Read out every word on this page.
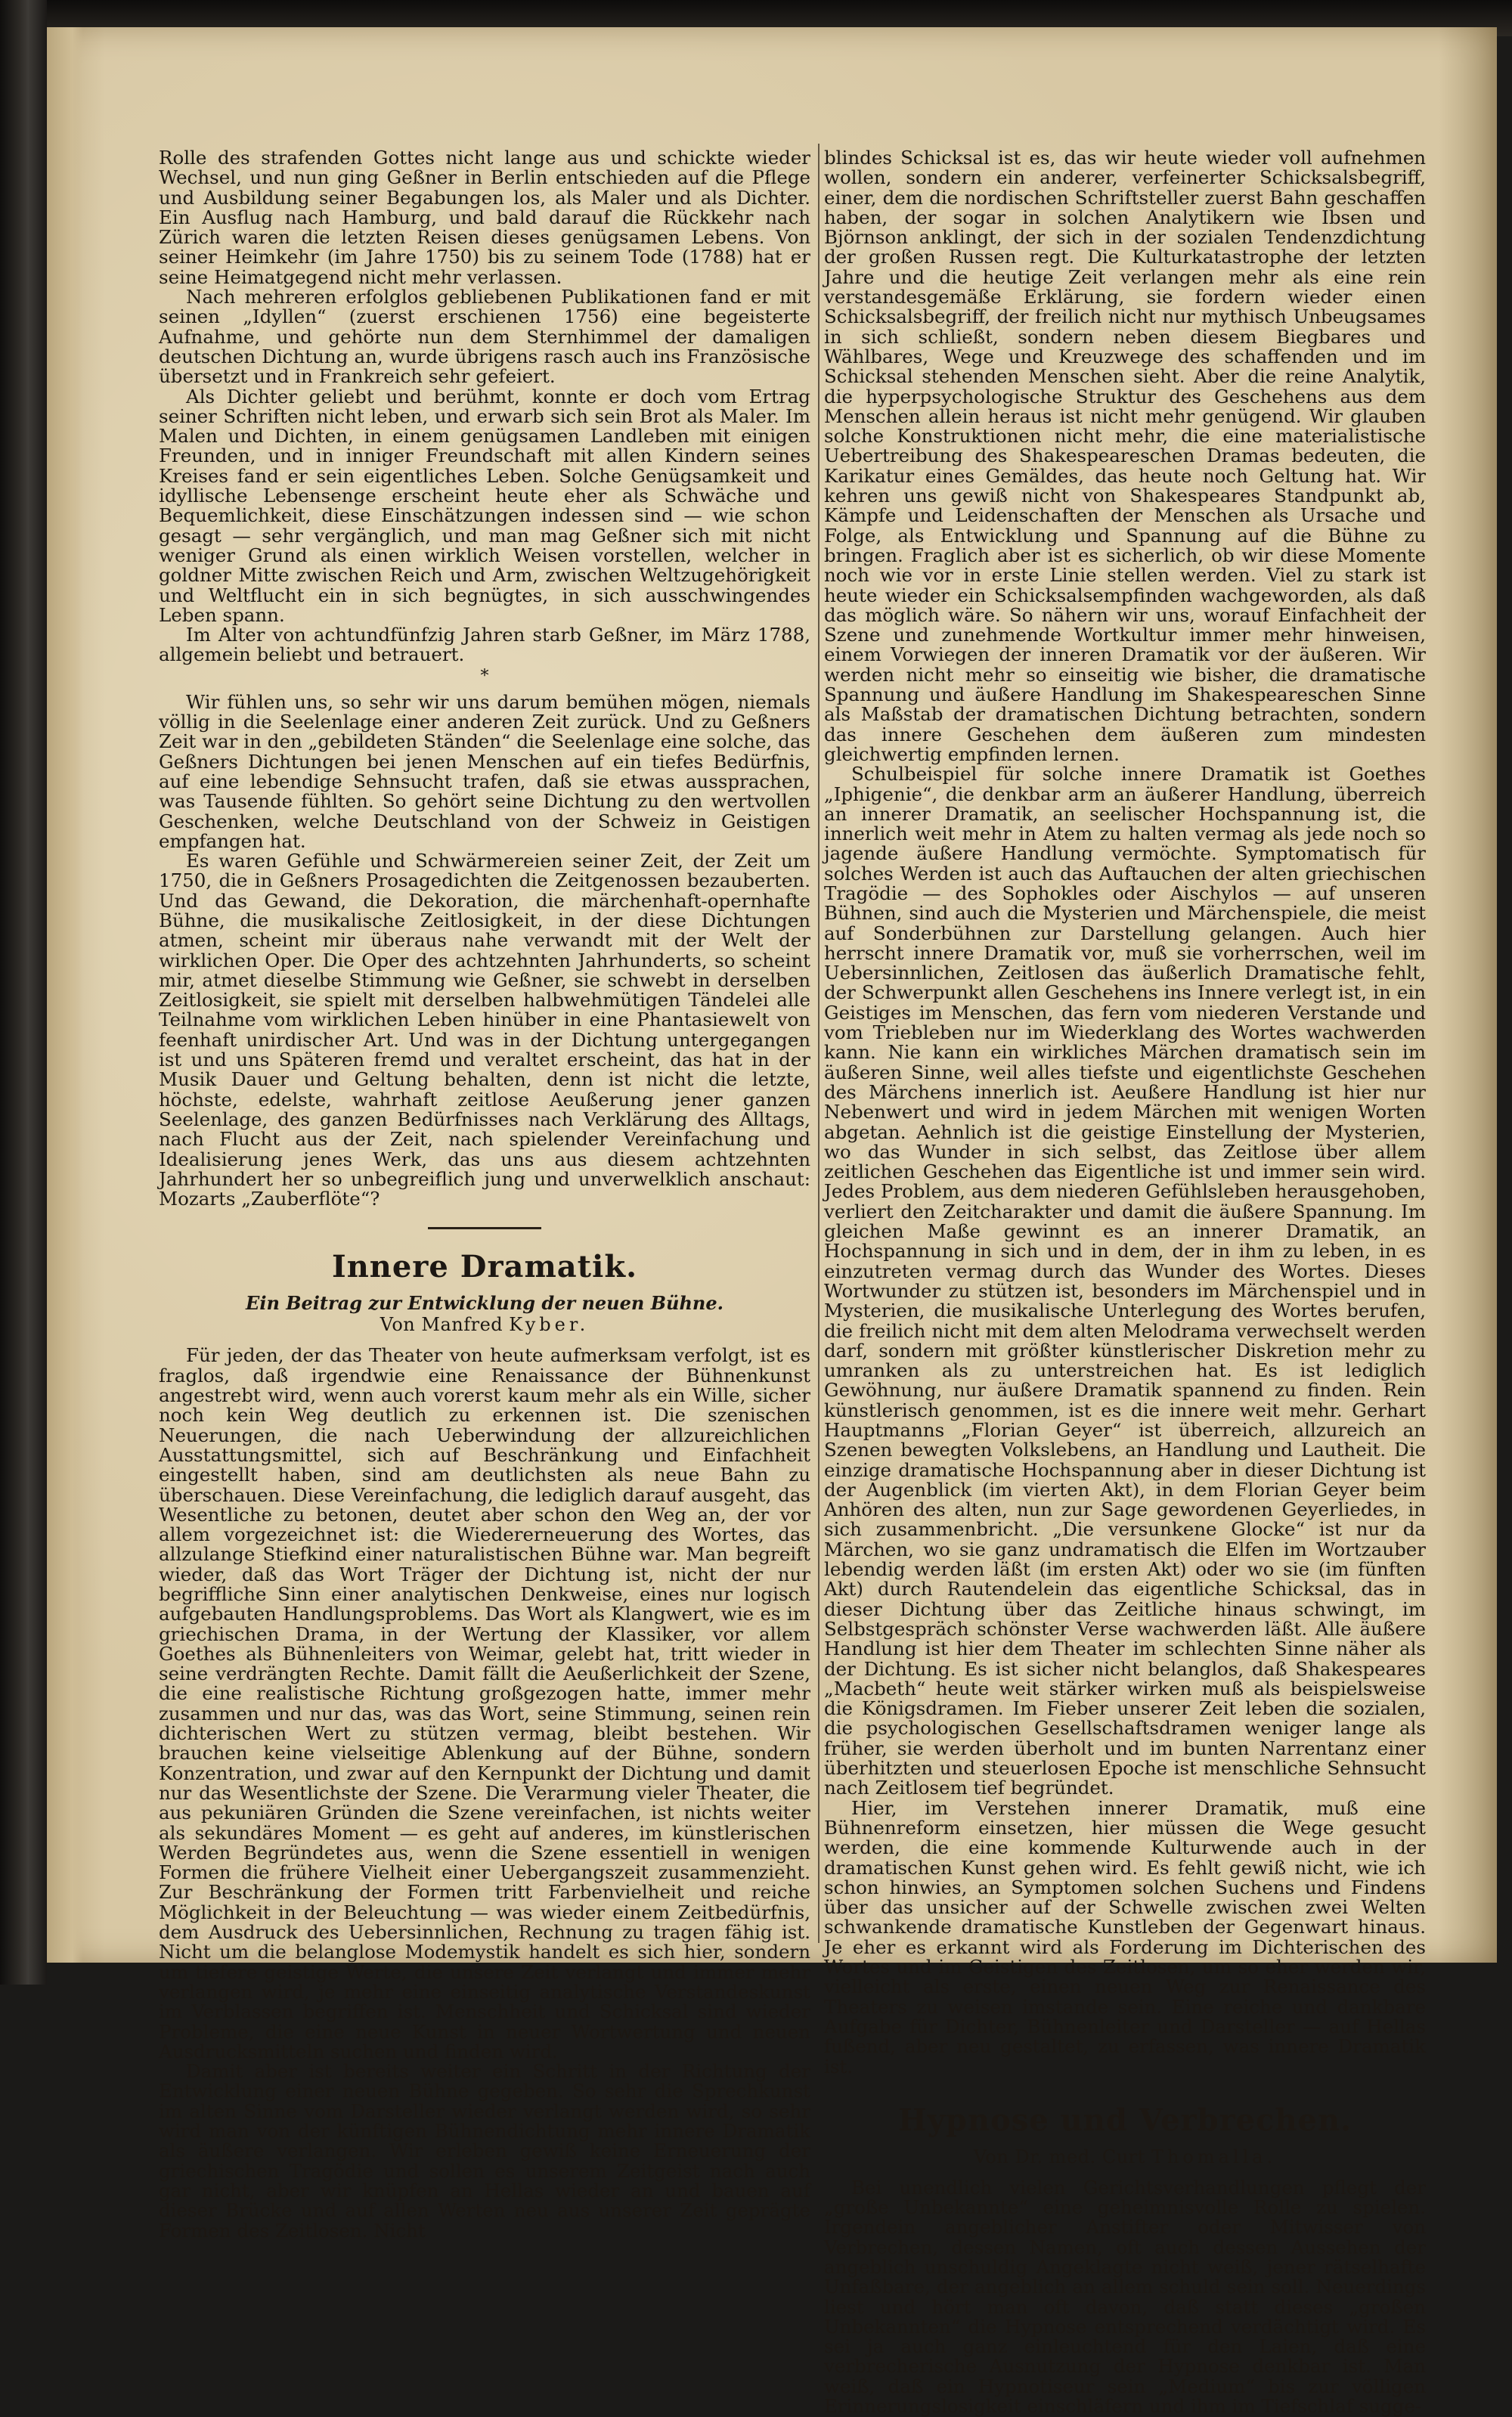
Rolle des strafenden Gottes nicht lange aus und schickte wieder Wechsel, und nun ging Geßner in Berlin entschieden auf die Pflege und Ausbildung seiner Begabungen los, als Maler und als Dichter. Ein Ausflug nach Hamburg, und bald darauf die Rückkehr nach Zürich waren die letzten Reisen dieses genügsamen Lebens. Von seiner Heimkehr (im Jahre 1750) bis zu seinem Tode (1788) hat er seine Heimatgegend nicht mehr verlassen.

Nach mehreren erfolglos gebliebenen Publikationen fand er mit seinen „Idyllen“ (zuerst erschienen 1756) eine begeisterte Aufnahme, und gehörte nun dem Sternhimmel der damaligen deutschen Dichtung an, wurde übrigens rasch auch ins Französische übersetzt und in Frankreich sehr gefeiert.

Als Dichter geliebt und berühmt, konnte er doch vom Ertrag seiner Schriften nicht leben, und erwarb sich sein Brot als Maler. Im Malen und Dichten, in einem genügsamen Landleben mit einigen Freunden, und in inniger Freundschaft mit allen Kindern seines Kreises fand er sein eigentliches Leben. Solche Genügsamkeit und idyllische Lebensenge erscheint heute eher als Schwäche und Bequemlichkeit, diese Einschätzungen indessen sind — wie schon gesagt — sehr vergänglich, und man mag Geßner sich mit nicht weniger Grund als einen wirklich Weisen vorstellen, welcher in goldner Mitte zwischen Reich und Arm, zwischen Weltzugehörigkeit und Weltflucht ein in sich begnügtes, in sich ausschwingendes Leben spann.

Im Alter von achtundfünfzig Jahren starb Geßner, im März 1788, allgemein beliebt und betrauert.

*

Wir fühlen uns, so sehr wir uns darum bemühen mögen, niemals völlig in die Seelenlage einer anderen Zeit zurück. Und zu Geßners Zeit war in den „gebildeten Ständen“ die Seelenlage eine solche, das Geßners Dichtungen bei jenen Menschen auf ein tiefes Bedürfnis, auf eine lebendige Sehnsucht trafen, daß sie etwas aussprachen, was Tausende fühlten. So gehört seine Dichtung zu den wertvollen Geschenken, welche Deutschland von der Schweiz in Geistigen empfangen hat.

Es waren Gefühle und Schwärmereien seiner Zeit, der Zeit um 1750, die in Geßners Prosagedichten die Zeitgenossen bezauberten. Und das Gewand, die Dekoration, die märchenhaft-opernhafte Bühne, die musikalische Zeitlosigkeit, in der diese Dichtungen atmen, scheint mir überaus nahe verwandt mit der Welt der wirklichen Oper. Die Oper des achtzehnten Jahrhunderts, so scheint mir, atmet dieselbe Stimmung wie Geßner, sie schwebt in derselben Zeitlosigkeit, sie spielt mit derselben halbwehmütigen Tändelei alle Teilnahme vom wirklichen Leben hinüber in eine Phantasiewelt von feenhaft unirdischer Art. Und was in der Dichtung untergegangen ist und uns Späteren fremd und veraltet erscheint, das hat in der Musik Dauer und Geltung behalten, denn ist nicht die letzte, höchste, edelste, wahrhaft zeitlose Aeußerung jener ganzen Seelenlage, des ganzen Bedürfnisses nach Verklärung des Alltags, nach Flucht aus der Zeit, nach spielender Vereinfachung und Idealisierung jenes Werk, das uns aus diesem achtzehnten Jahrhundert her so unbegreiflich jung und unverwelklich anschaut: Mozarts „Zauberflöte“?

Innere Dramatik.
Ein Beitrag zur Entwicklung der neuen Bühne.
Von Manfred Kyber.

Für jeden, der das Theater von heute aufmerksam verfolgt, ist es fraglos, daß irgendwie eine Renaissance der Bühnenkunst angestrebt wird, wenn auch vorerst kaum mehr als ein Wille, sicher noch kein Weg deutlich zu erkennen ist. Die szenischen Neuerungen, die nach Ueberwindung der allzureichlichen Ausstattungsmittel, sich auf Beschränkung und Einfachheit eingestellt haben, sind am deutlichsten als neue Bahn zu überschauen. Diese Vereinfachung, die lediglich darauf ausgeht, das Wesentliche zu betonen, deutet aber schon den Weg an, der vor allem vorgezeichnet ist: die Wiedererneuerung des Wortes, das allzulange Stiefkind einer naturalistischen Bühne war. Man begreift wieder, daß das Wort Träger der Dichtung ist, nicht der nur begriffliche Sinn einer analytischen Denkweise, eines nur logisch aufgebauten Handlungsproblems. Das Wort als Klangwert, wie es im griechischen Drama, in der Wertung der Klassiker, vor allem Goethes als Bühnenleiters von Weimar, gelebt hat, tritt wieder in seine verdrängten Rechte. Damit fällt die Aeußerlichkeit der Szene, die eine realistische Richtung großgezogen hatte, immer mehr zusammen und nur das, was das Wort, seine Stimmung, seinen rein dichterischen Wert zu stützen vermag, bleibt bestehen. Wir brauchen keine vielseitige Ablenkung auf der Bühne, sondern Konzentration, und zwar auf den Kernpunkt der Dichtung und damit nur das Wesentlichste der Szene. Die Verarmung vieler Theater, die aus pekuniären Gründen die Szene vereinfachen, ist nichts weiter als sekundäres Moment — es geht auf anderes, im künstlerischen Werden Begründetes aus, wenn die Szene essentiell in wenigen Formen die frühere Vielheit einer Uebergangszeit zusammenzieht. Zur Beschränkung der Formen tritt Farbenvielheit und reiche Möglichkeit in der Beleuchtung — was wieder einem Zeitbedürfnis, dem Ausdruck des Uebersinnlichen, Rechnung zu tragen fähig ist. Nicht um die belanglose Modemystik handelt es sich hier, sondern um tiefere geistige Werte, die unsere Zeit verlangt und immer mehr verlangen wird, je mehr eine einseitig analytische Verstandeskunst im Verblassen begriffen ist. Menschheit und Schicksal sind wieder Probleme, die eine neue Kunst in neuer Wortwertung und neuen Ausdrucksmitteln suchen und finden wird.

Damit aber ist bereits weiter ein Schritt in der Richtung der Entwicklung einer neuen Bühne gegeben. So sehr die Sprechkunst im alten Sinne vom Darsteller wieder verlangt werden wird, so sehr wird man von der künftigen Bühnendichtung mehr innere Dramatik als äußere verlangen. Wir erleben gewiß keine Erneuerung der griechischen Tragödie und sollen es unserem Zeitgeist nach auch gar nicht, aber wir knüpfen an Hellas wieder an und bauen auf dieser Brücke und auf allen Werten neu aus unserer Zeit geprägte Formen des Zeitlosen. Nicht

blindes Schicksal ist es, das wir heute wieder voll aufnehmen wollen, sondern ein anderer, verfeinerter Schicksalsbegriff, einer, dem die nordischen Schriftsteller zuerst Bahn geschaffen haben, der sogar in solchen Analytikern wie Ibsen und Björnson anklingt, der sich in der sozialen Tendenzdichtung der großen Russen regt. Die Kulturkatastrophe der letzten Jahre und die heutige Zeit verlangen mehr als eine rein verstandesgemäße Erklärung, sie fordern wieder einen Schicksalsbegriff, der freilich nicht nur mythisch Unbeugsames in sich schließt, sondern neben diesem Biegbares und Wählbares, Wege und Kreuzwege des schaffenden und im Schicksal stehenden Menschen sieht. Aber die reine Analytik, die hyperpsychologische Struktur des Geschehens aus dem Menschen allein heraus ist nicht mehr genügend. Wir glauben solche Konstruktionen nicht mehr, die eine materialistische Uebertreibung des Shakespeareschen Dramas bedeuten, die Karikatur eines Gemäldes, das heute noch Geltung hat. Wir kehren uns gewiß nicht von Shakespeares Standpunkt ab, Kämpfe und Leidenschaften der Menschen als Ursache und Folge, als Entwicklung und Spannung auf die Bühne zu bringen. Fraglich aber ist es sicherlich, ob wir diese Momente noch wie vor in erste Linie stellen werden. Viel zu stark ist heute wieder ein Schicksalsempfinden wachgeworden, als daß das möglich wäre. So nähern wir uns, worauf Einfachheit der Szene und zunehmende Wortkultur immer mehr hinweisen, einem Vorwiegen der inneren Dramatik vor der äußeren. Wir werden nicht mehr so einseitig wie bisher, die dramatische Spannung und äußere Handlung im Shakespeareschen Sinne als Maßstab der dramatischen Dichtung betrachten, sondern das innere Geschehen dem äußeren zum mindesten gleichwertig empfinden lernen.

Schulbeispiel für solche innere Dramatik ist Goethes „Iphigenie“, die denkbar arm an äußerer Handlung, überreich an innerer Dramatik, an seelischer Hochspannung ist, die innerlich weit mehr in Atem zu halten vermag als jede noch so jagende äußere Handlung vermöchte. Symptomatisch für solches Werden ist auch das Auftauchen der alten griechischen Tragödie — des Sophokles oder Aischylos — auf unseren Bühnen, sind auch die Mysterien und Märchenspiele, die meist auf Sonderbühnen zur Darstellung gelangen. Auch hier herrscht innere Dramatik vor, muß sie vorherrschen, weil im Uebersinnlichen, Zeitlosen das äußerlich Dramatische fehlt, der Schwerpunkt allen Geschehens ins Innere verlegt ist, in ein Geistiges im Menschen, das fern vom niederen Verstande und vom Triebleben nur im Wiederklang des Wortes wachwerden kann. Nie kann ein wirkliches Märchen dramatisch sein im äußeren Sinne, weil alles tiefste und eigentlichste Geschehen des Märchens innerlich ist. Aeußere Handlung ist hier nur Nebenwert und wird in jedem Märchen mit wenigen Worten abgetan. Aehnlich ist die geistige Einstellung der Mysterien, wo das Wunder in sich selbst, das Zeitlose über allem zeitlichen Geschehen das Eigentliche ist und immer sein wird. Jedes Problem, aus dem niederen Gefühlsleben herausgehoben, verliert den Zeitcharakter und damit die äußere Spannung. Im gleichen Maße gewinnt es an innerer Dramatik, an Hochspannung in sich und in dem, der in ihm zu leben, in es einzutreten vermag durch das Wunder des Wortes. Dieses Wortwunder zu stützen ist, besonders im Märchenspiel und in Mysterien, die musikalische Unterlegung des Wortes berufen, die freilich nicht mit dem alten Melodrama verwechselt werden darf, sondern mit größter künstlerischer Diskretion mehr zu umranken als zu unterstreichen hat. Es ist lediglich Gewöhnung, nur äußere Dramatik spannend zu finden. Rein künstlerisch genommen, ist es die innere weit mehr. Gerhart Hauptmanns „Florian Geyer“ ist überreich, allzureich an Szenen bewegten Volkslebens, an Handlung und Lautheit. Die einzige dramatische Hochspannung aber in dieser Dichtung ist der Augenblick (im vierten Akt), in dem Florian Geyer beim Anhören des alten, nun zur Sage gewordenen Geyerliedes, in sich zusammenbricht. „Die versunkene Glocke“ ist nur da Märchen, wo sie ganz undramatisch die Elfen im Wortzauber lebendig werden läßt (im ersten Akt) oder wo sie (im fünften Akt) durch Rautendelein das eigentliche Schicksal, das in dieser Dichtung über das Zeitliche hinaus schwingt, im Selbstgespräch schönster Verse wachwerden läßt. Alle äußere Handlung ist hier dem Theater im schlechten Sinne näher als der Dichtung. Es ist sicher nicht belanglos, daß Shakespeares „Macbeth“ heute weit stärker wirken muß als beispielsweise die Königsdramen. Im Fieber unserer Zeit leben die sozialen, die psychologischen Gesellschaftsdramen weniger lange als früher, sie werden überholt und im bunten Narrentanz einer überhitzten und steuerlosen Epoche ist menschliche Sehnsucht nach Zeitlosem tief begründet.

Hier, im Verstehen innerer Dramatik, muß eine Bühnenreform einsetzen, hier müssen die Wege gesucht werden, die eine kommende Kulturwende auch in der dramatischen Kunst gehen wird. Es fehlt gewiß nicht, wie ich schon hinwies, an Symptomen solchen Suchens und Findens über das unsicher auf der Schwelle zwischen zwei Welten schwankende dramatische Kunstleben der Gegenwart hinaus. Je eher es erkannt wird als Forderung im Dichterischen des Wortes und im Geistigen des Zeitlosen, um so eher werden wir, vielleicht als erste, einen neuen Weg zur Renaissance des Theaters zu weisen imstande sein. Eine reiche und dankbare Aufgabe für Dichter, Bühnenleiter und Darsteller — auf Hellas fußend, aber neu gestaltet, zu erfassen, was innere Dramatik ist.

Hypnose und Verbrechen.
Von Dr. med. Curt Thomalla.

Bei unendlich vielen Gerichtsverhandlungen pflegt der „große Unbekannte“ eine geheimnisvolle Rolle zu spielen. Irgendein angeblicher Anstifter oder Mitwisser von Verbrechen, dessen Namen, oft auch dessen Aussehen der angeblich unschuldig Angeklagte nicht weiß, jener rätselhafte Unfaßbare, der angeblich an allem schuld sein soll. Neuerdings liest und hört man oft davon, daß statt dieses „großen Unbekannten“ die Hypnose entsprechend verdächtigt wird. Es sei ja auch ganz einleuchtend für den Laien, daß eine verbrecherische Ausnutzung der Hypnose denkbar ist. Man weiß, daß ein Hypnotiseur sein „Medium“ bis zur völligen Erinnerungslosigkeit einschläfern und ihm im Tiefschlaf sugge-
